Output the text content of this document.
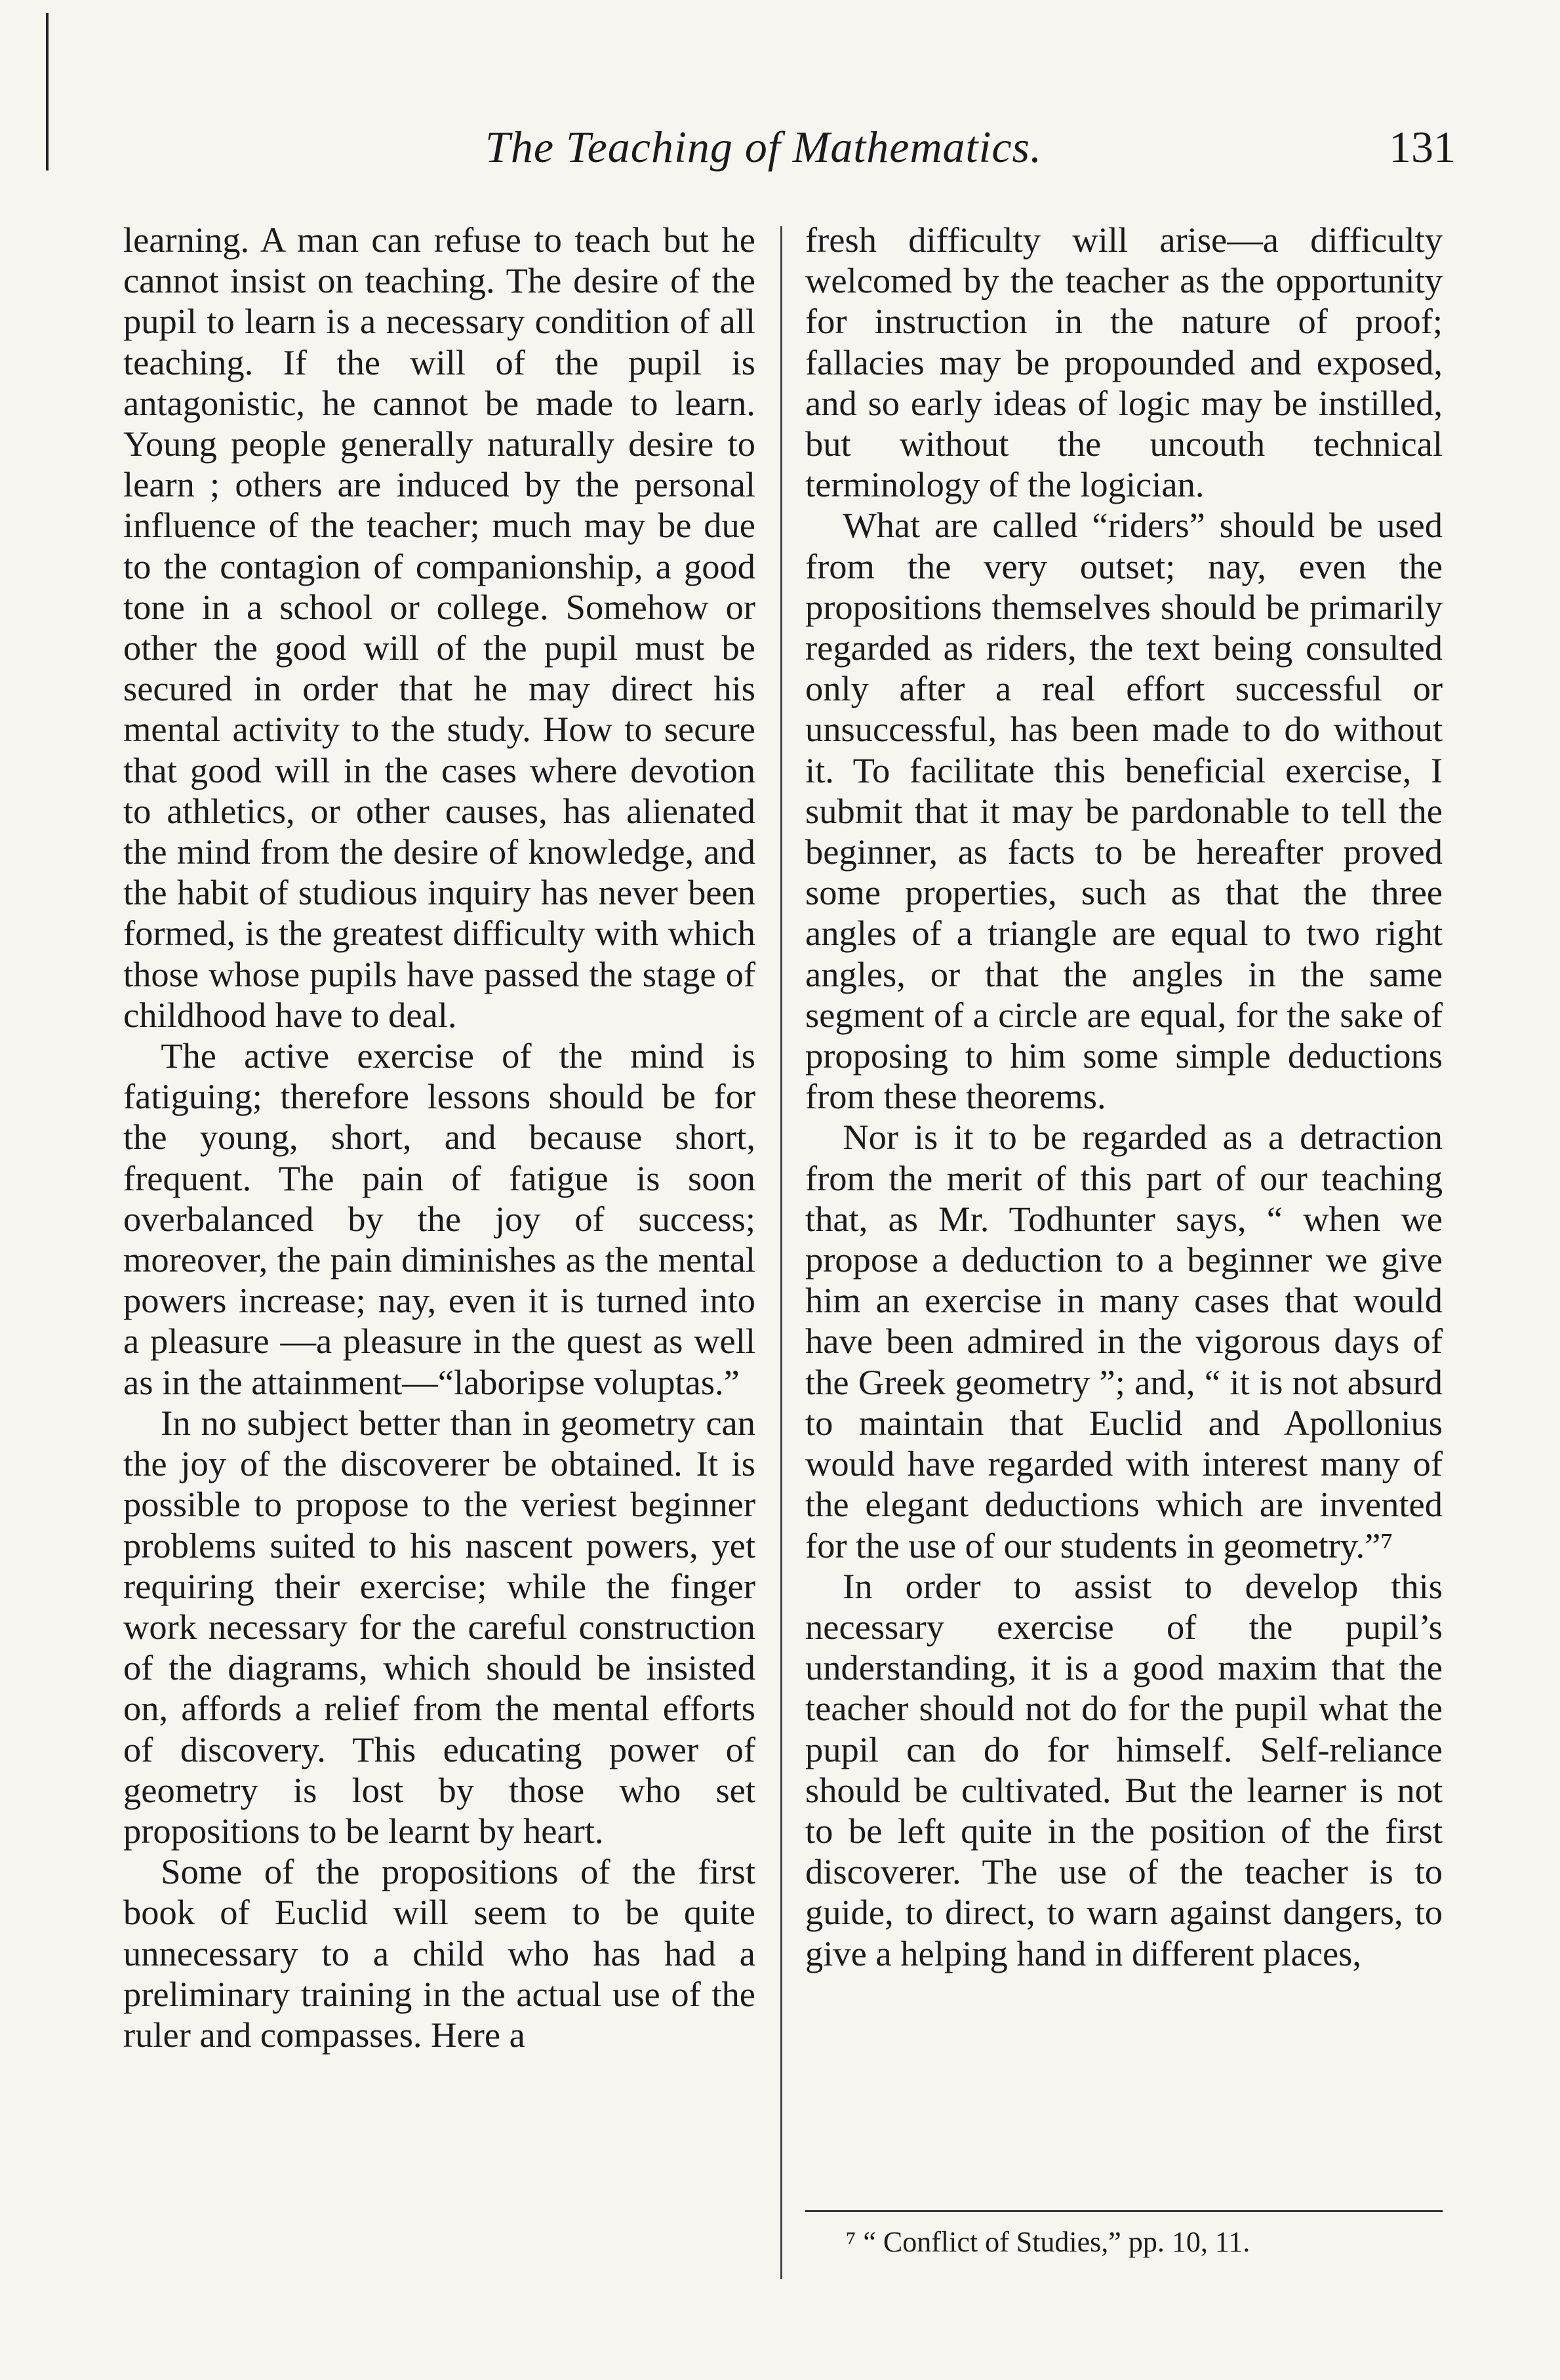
The Teaching of Mathematics.	131

learning. A man can refuse to teach but he cannot insist on teaching. The desire of the pupil to learn is a necessary condition of all teaching. If the will of the pupil is antagonistic, he cannot be made to learn. Young people generally naturally desire to learn ; others are induced by the personal influence of the teacher; much may be due to the contagion of companionship, a good tone in a school or college. Somehow or other the good will of the pupil must be secured in order that he may direct his mental activity to the study. How to secure that good will in the cases where devotion to athletics, or other causes, has alienated the mind from the desire of knowledge, and the habit of studious inquiry has never been formed, is the greatest difficulty with which those whose pupils have passed the stage of childhood have to deal.

The active exercise of the mind is fatiguing; therefore lessons should be for the young, short, and because short, frequent. The pain of fatigue is soon overbalanced by the joy of success; moreover, the pain diminishes as the mental powers increase; nay, even it is turned into a pleasure —a pleasure in the quest as well as in the attainment—“laboripse voluptas.”

In no subject better than in geometry can the joy of the discoverer be obtained. It is possible to propose to the veriest beginner problems suited to his nascent powers, yet requiring their exercise; while the finger work necessary for the careful construction of the diagrams, which should be insisted on, affords a relief from the mental efforts of discovery. This educating power of geometry is lost by those who set propositions to be learnt by heart.

Some of the propositions of the first book of Euclid will seem to be quite unnecessary to a child who has had a preliminary training in the actual use of the ruler and compasses. Here a

fresh difficulty will arise—a difficulty welcomed by the teacher as the opportunity for instruction in the nature of proof; fallacies may be propounded and exposed, and so early ideas of logic may be instilled, but without the uncouth technical terminology of the logician.

What are called “riders” should be used from the very outset; nay, even the propositions themselves should be primarily regarded as riders, the text being consulted only after a real effort successful or unsuccessful, has been made to do without it. To facilitate this beneficial exercise, I submit that it may be pardonable to tell the beginner, as facts to be hereafter proved some properties, such as that the three angles of a triangle are equal to two right angles, or that the angles in the same segment of a circle are equal, for the sake of proposing to him some simple deductions from these theorems.

Nor is it to be regarded as a detraction from the merit of this part of our teaching that, as Mr. Todhunter says, “ when we propose a deduction to a beginner we give him an exercise in many cases that would have been admired in the vigorous days of the Greek geometry ”; and, “ it is not absurd to maintain that Euclid and Apollonius would have regarded with interest many of the elegant deductions which are invented for the use of our students in geometry.”⁷

In order to assist to develop this necessary exercise of the pupil’s understanding, it is a good maxim that the teacher should not do for the pupil what the pupil can do for himself. Self-reliance should be cultivated. But the learner is not to be left quite in the position of the first discoverer. The use of the teacher is to guide, to direct, to warn against dangers, to give a helping hand in different places,

⁷ “ Conflict of Studies,” pp. 10, 11.
